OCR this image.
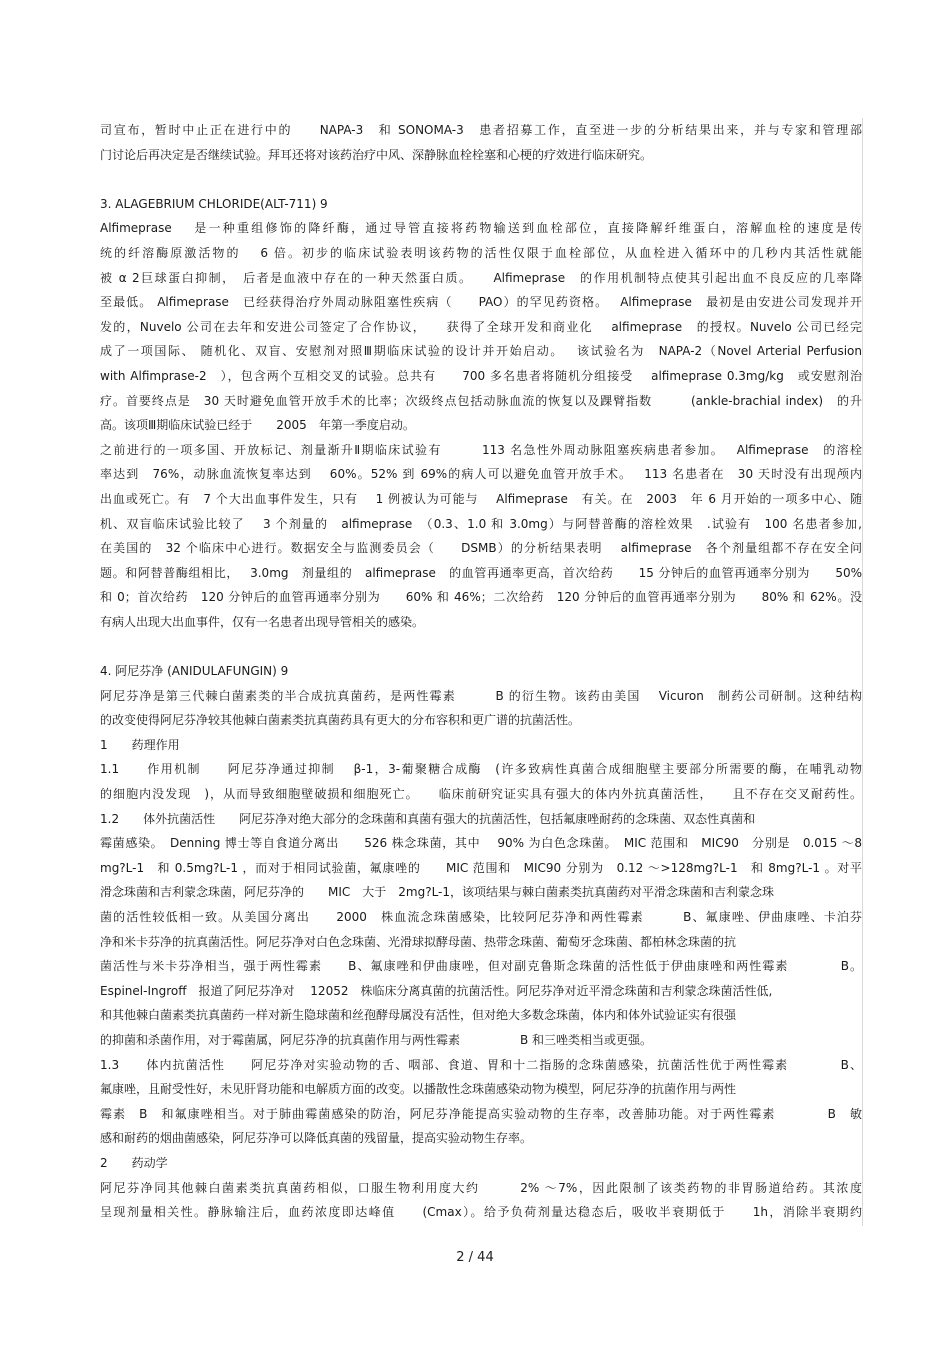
司宣布，暂时中止正在进行中的　　NAPA-3　和 SONOMA-3　患者招募工作，直至进一步的分析结果出来，并与专家和管理部
门讨论后再决定是否继续试验。拜耳还将对该药治疗中风、深静脉血栓栓塞和心梗的疗效进行临床研究。
3. ALAGEBRIUM CHLORIDE(ALT-711) 9
Alfimeprase　 是一种重组修饰的降纤酶，通过导管直接将药物输送到血栓部位，直接降解纤维蛋白，溶解血栓的速度是传
统的纤溶酶原激活物的　 6 倍。初步的临床试验表明该药物的活性仅限于血栓部位，从血栓进入循环中的几秒内其活性就能
被 α 2巨球蛋白抑制，　后者是血液中存在的一种天然蛋白质。　　Alfimeprase　的作用机制特点使其引起出血不良反应的几率降
至最低。 Alfimeprase　已经获得治疗外周动脉阻塞性疾病（　　PAO）的罕见药资格。　 Alfimeprase　最初是由安进公司发现并开
发的，Nuvelo 公司在去年和安进公司签定了合作协议，　　获得了全球开发和商业化　 alfimeprase　的授权。Nuvelo 公司已经完
成了一项国际、 随机化、双盲、安慰剂对照Ⅲ期临床试验的设计并开始启动。　 该试验名为　NAPA-2（Novel Arterial Perfusion
with Alfimprase-2　），包含两个互相交叉的试验。总共有　　700 多名患者将随机分组接受　 alfimeprase 0.3mg/kg　或安慰剂治
疗。首要终点是　30 天时避免血管开放手术的比率；次级终点包括动脉血流的恢复以及踝臂指数　　　(ankle-brachial index)　的升
高。该项Ⅲ期临床试验已经于　　2005　年第一季度启动。
之前进行的一项多国、开放标记、剂量渐升Ⅱ期临床试验有　　　113 名急性外周动脉阻塞疾病患者参加。　 Alfimeprase　的溶栓
率达到　76%，动脉血流恢复率达到　 60%。52% 到 69%的病人可以避免血管开放手术。　 113 名患者在　30 天时没有出现颅内
出血或死亡。有　7 个大出血事件发生，只有　 1 例被认为可能与　 Alfimeprase　有关。在　2003　年 6 月开始的一项多中心、随
机、双盲临床试验比较了　 3 个剂量的　alfimeprase　（0.3、1.0 和 3.0mg）与阿替普酶的溶栓效果　.试验有　100 名患者参加,
在美国的　32 个临床中心进行。数据安全与监测委员会（　　DSMB）的分析结果表明　 alfimeprase　各个剂量组都不存在安全问
题。和阿替普酶组相比，　 3.0mg　剂量组的　alfimeprase　的血管再通率更高，首次给药　　15 分钟后的血管再通率分别为　　50%
和 0；首次给药　120 分钟后的血管再通率分别为　　60% 和 46%；二次给药　120 分钟后的血管再通率分别为　　80% 和 62%。没
有病人出现大出血事件，仅有一名患者出现导管相关的感染。
4. 阿尼芬净 (ANIDULAFUNGIN) 9
阿尼芬净是第三代棘白菌素类的半合成抗真菌药，是两性霉素　　　B 的衍生物。该药由美国　 Vicuron　制药公司研制。这种结构
的改变使得阿尼芬净较其他棘白菌素类抗真菌药具有更大的分布容积和更广谱的抗菌活性。
1　　药理作用
1.1　　作用机制　　阿尼芬净通过抑制　 β-1，3-葡聚糖合成酶　(许多致病性真菌合成细胞壁主要部分所需要的酶，在哺乳动物
的细胞内没发现　)，从而导致细胞壁破损和细胞死亡。　　临床前研究证实具有强大的体内外抗真菌活性，　　且不存在交叉耐药性。
1.2　　体外抗菌活性　　阿尼芬净对绝大部分的念珠菌和真菌有强大的抗菌活性，包括氟康唑耐药的念珠菌、双态性真菌和
霉菌感染。　Denning 博士等自食道分离出　　526 株念珠菌，其中　 90% 为白色念珠菌。　MIC 范围和　MIC90　分别是　0.015 ～8
mg?L-1　和 0.5mg?L-1 ，而对于相同试验菌，氟康唑的　　MIC 范围和　MIC90 分别为　0.12 ～>128mg?L-1　和 8mg?L-1 。对平
滑念珠菌和吉利蒙念珠菌，阿尼芬净的　　MIC　大于　2mg?L-1，该项结果与棘白菌素类抗真菌药对平滑念珠菌和吉利蒙念珠
菌的活性较低相一致。从美国分离出　　2000　株血流念珠菌感染，比较阿尼芬净和两性霉素　　　B、氟康唑、伊曲康唑、卡泊芬
净和米卡芬净的抗真菌活性。阿尼芬净对白色念珠菌、光滑球拟酵母菌、热带念珠菌、葡萄牙念珠菌、都柏林念珠菌的抗
菌活性与米卡芬净相当，强于两性霉素　　B、氟康唑和伊曲康唑，但对副克鲁斯念珠菌的活性低于伊曲康唑和两性霉素　　　　B。
Espinel-Ingroff　报道了阿尼芬净对　 12052　株临床分离真菌的抗菌活性。阿尼芬净对近平滑念珠菌和吉利蒙念珠菌活性低,
和其他棘白菌素类抗真菌药一样对新生隐球菌和丝孢酵母属没有活性，但对绝大多数念珠菌，体内和体外试验证实有很强
的抑菌和杀菌作用，对于霉菌属，阿尼芬净的抗真菌作用与两性霉素　　　　　B 和三唑类相当或更强。
1.3　　体内抗菌活性　　阿尼芬净对实验动物的舌、咽部、食道、胃和十二指肠的念珠菌感染，抗菌活性优于两性霉素　　　　B、
氟康唑，且耐受性好，未见肝肾功能和电解质方面的改变。以播散性念珠菌感染动物为模型，阿尼芬净的抗菌作用与两性
霉素　B　和氟康唑相当。对于肺曲霉菌感染的防治，阿尼芬净能提高实验动物的生存率，改善肺功能。对于两性霉素　　　　B　敏
感和耐药的烟曲菌感染，阿尼芬净可以降低真菌的残留量，提高实验动物生存率。
2　　药动学
阿尼芬净同其他棘白菌素类抗真菌药相似，口服生物利用度大约　　　2% ～7%，因此限制了该类药物的非胃肠道给药。其浓度
呈现剂量相关性。静脉输注后，血药浓度即达峰值　　(Cmax）。给予负荷剂量达稳态后，吸收半衰期低于　　1h，消除半衰期约
2 / 44
